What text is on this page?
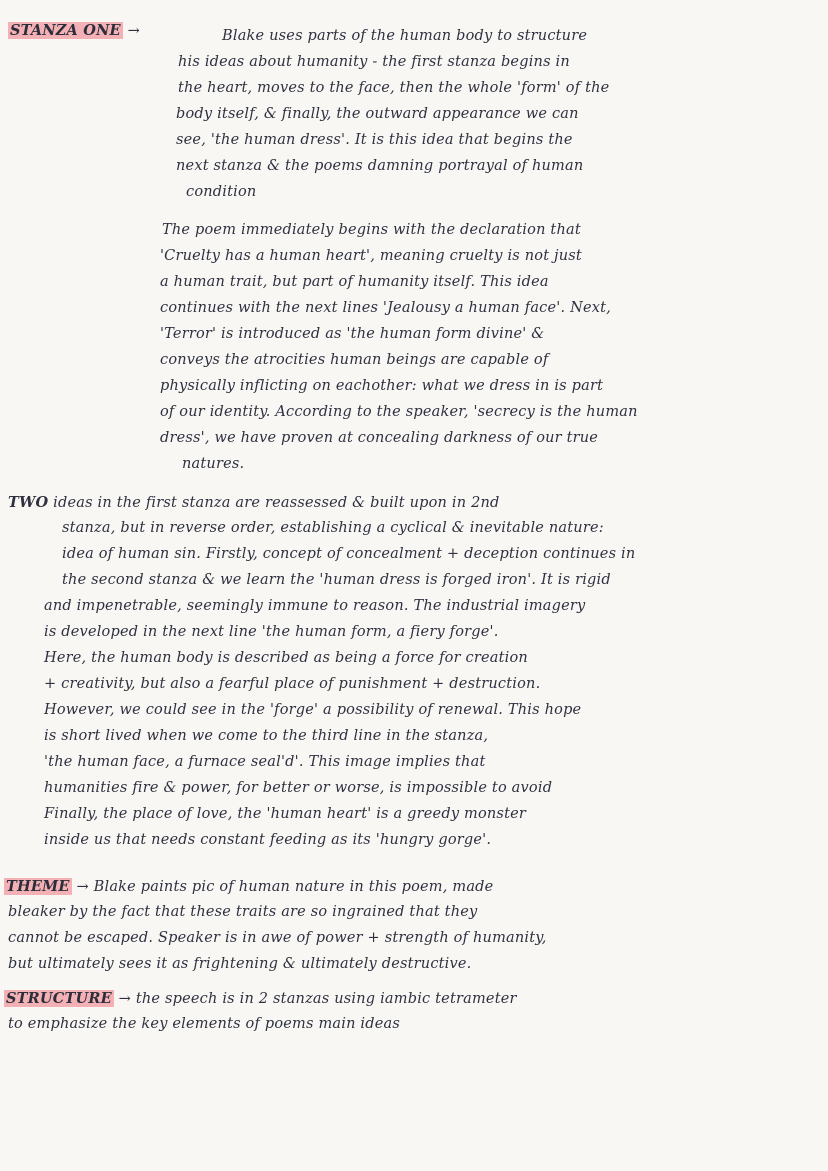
STANZA ONE →	Blake uses parts of the human body to structure
his ideas about humanity - the first stanza begins in
the heart, moves to the face, then the whole 'form' of the
body itself, & finally, the outward appearance we can
see, 'the human dress'. It is this idea that begins the
next stanza & the poems damning portrayal of human
condition
The poem immediately begins with the declaration that
'Cruelty has a human heart', meaning cruelty is not just
a human trait, but part of humanity itself. This idea
continues with the next lines 'Jealousy a human face'. Next,
'Terror' is introduced as 'the human form divine' &
conveys the atrocities human beings are capable of
physically inflicting on eachother: what we dress in is part
of our identity. According to the speaker, 'secrecy is the human
dress', we have proven at concealing darkness of our true
natures.
TWO ideas in the first stanza are reassessed & built upon in 2nd
stanza, but in reverse order, establishing a cyclical & inevitable nature:
idea of human sin. Firstly, concept of concealment + deception continues in
the second stanza & we learn the 'human dress is forged iron'. It is rigid
and impenetrable, seemingly immune to reason. The industrial imagery
is developed in the next line 'the human form, a fiery forge'.
Here, the human body is described as being a force for creation
+ creativity, but also a fearful place of punishment + destruction.
However, we could see in the 'forge' a possibility of renewal. This hope
is short lived when we come to the third line in the stanza,
'the human face, a furnace seal'd'. This image implies that
humanities fire & power, for better or worse, is impossible to avoid
Finally, the place of love, the 'human heart' is a greedy monster
inside us that needs constant feeding as its 'hungry gorge'.
THEME → Blake paints pic of human nature in this poem, made
bleaker by the fact that these traits are so ingrained that they
cannot be escaped. Speaker is in awe of power + strength of humanity,
but ultimately sees it as frightening & ultimately destructive.
STRUCTURE → the speech is in 2 stanzas using iambic tetrameter
to emphasize the key elements of poems main ideas
